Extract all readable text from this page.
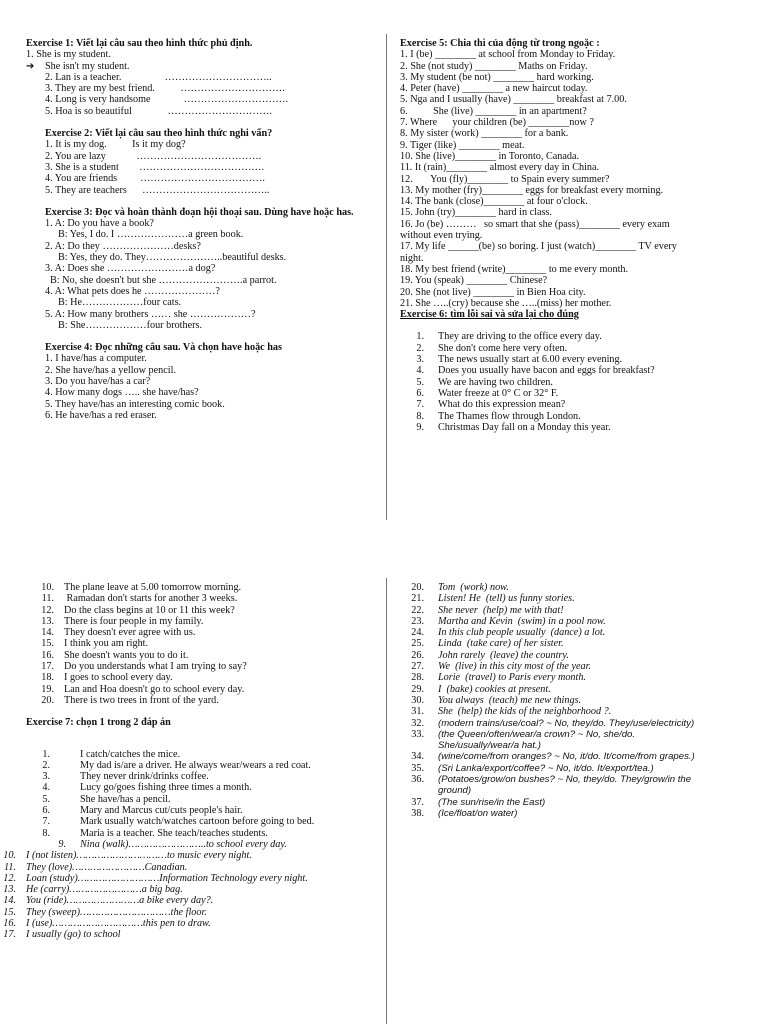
Exercise 1: Viết lại câu sau theo hình thức phủ định.
1. She is my student.
➔ She isn't my student.
2. Lan is a teacher.                 …………………………..
3. They are my best friend.          ………………………….
4. Long is very handsome             ………………………….
5. Hoa is so beautiful              ………………………….
Exercise 2: Viết lại câu sau theo hình thức nghi vấn?
1. It is my dog.          Is it my dog?
2. You are lazy            ……………………………….
3. She is a student        ……………………………….
4. You are friends         ……………………………….
5. They are teachers      ………………………………..
Exercise 3: Đọc và hoàn thành đoạn hội thoại sau. Dùng have hoặc has.
1. A: Do you have a book?
B: Yes, I do. I …………………a green book.
2. A: Do they …………………desks?
B: Yes, they do. They…………………..beautiful desks.
3. A: Does she ……………………a dog?
B: No, she doesn't but she …………………….a parrot.
4. A: What pets does he …………………?
B: He………………four cats.
5. A: How many brothers …… she ………………?
B: She………………four brothers.
Exercise 4: Đọc những câu sau. Và chọn have hoặc has
1. I have/has a computer.
2. She have/has a yellow pencil.
3. Do you have/has a car?
4. How many dogs ….. she have/has?
5. They have/has an interesting comic book.
6. He have/has a red eraser.
Exercise 5: Chia thì của động từ trong ngoặc :
1. I (be) ________ at school from Monday to Friday.
2. She (not study) ________ Maths on Friday.
3. My student (be not) ________ hard working.
4. Peter (have) ________ a new haircut today.
5. Nga and I usually (have) ________ breakfast at 7.00.
6.          She (live) ________ in an apartment?
7. Where      your children (be) ________now ?
8. My sister (work) ________ for a bank.
9. Tiger (like) ________ meat.
10. She (live)________ in Toronto, Canada.
11. It (rain)________ almost every day in China.
12.       You (fly)________ to Spain every summer?
13. My mother (fry)________ eggs for breakfast every morning.
14. The bank (close)________ at four o'clock.
15. John (try)________ hard in class.
16. Jo (be) ………   so smart that she (pass)________ every exam
without even trying.
17. My life ______(be) so boring. I just (watch)________ TV every
night.
18. My best friend (write)________ to me every month.
19. You (speak) ________ Chinese?
20. She (not live) ________ in Bien Hoa city.
21. She …..(cry) because she …..(miss) her mother.
Exercise 6: tìm lỗi sai và sửa lại cho đúng
1. They are driving to the office every day.
2. She don't come here very often.
3. The news usually start at 6.00 every evening.
4. Does you usually have bacon and eggs for breakfast?
5. We are having two children.
6. Water freeze at 0° C or 32° F.
7. What do this expression mean?
8. The Thames flow through London.
9. Christmas Day fall on a Monday this year.
10. The plane leave at 5.00 tomorrow morning.
11. Ramadan don't starts for another 3 weeks.
12. Do the class begins at 10 or 11 this week?
13. There is four people in my family.
14. They doesn't ever agree with us.
15. I think you am right.
16. She doesn't wants you to do it.
17. Do you understands what I am trying to say?
18. I goes to school every day.
19. Lan and Hoa doesn't go to school every day.
20. There is two trees in front of the yard.
Exercise 7: chọn 1 trong 2 đáp án
1.	I catch/catches the mice.
2.	My dad is/are a driver. He always wear/wears a red coat.
3.	They never drink/drinks coffee.
4.	Lucy go/goes fishing three times a month.
5.	She have/has a pencil.
6.	Mary and Marcus cut/cuts people's hair.
7.	Mark usually watch/watches cartoon before going to bed.
8.	Maria is a teacher. She teach/teaches students.
9. Nina (walk)……………………..to school every day.
10. I (not listen)…………………………to music every night.
11. They (love)……………………Canadian.
12. Loan (study)………………………Information Technology every night.
13. He (carry)……………………a big bag.
14. You (ride)……………………a bike every day?.
15. They (sweep)…………………………the floor.
16. I (use)…………………………this pen to draw.
17. I usually (go) to school
20. Tom  (work) now.
21. Listen! He  (tell) us funny stories.
22. She never  (help) me with that!
23. Martha and Kevin  (swim) in a pool now.
24. In this club people usually  (dance) a lot.
25. Linda  (take care) of her sister.
26. John rarely  (leave) the country.
27. We  (live) in this city most of the year.
28. Lorie  (travel) to Paris every month.
29. I  (bake) cookies at present.
30. You always  (teach) me new things.
31. She  (help) the kids of the neighborhood ?.
32. (modern trains/use/coal? ~ No, they/do. They/use/electricity)
33. (the Queen/often/wear/a crown? ~ No, she/do.
She/usually/wear/a hat.)
34. (wine/come/from oranges? ~ No, it/do. It/come/from grapes.)
35. (Sri Lanka/export/coffee? ~ No, it/do. It/export/tea.)
36. (Potatoes/grow/on bushes? ~ No, they/do. They/grow/in the
ground)
37. (The sun/rise/in the East)
38. (Ice/float/on water)
